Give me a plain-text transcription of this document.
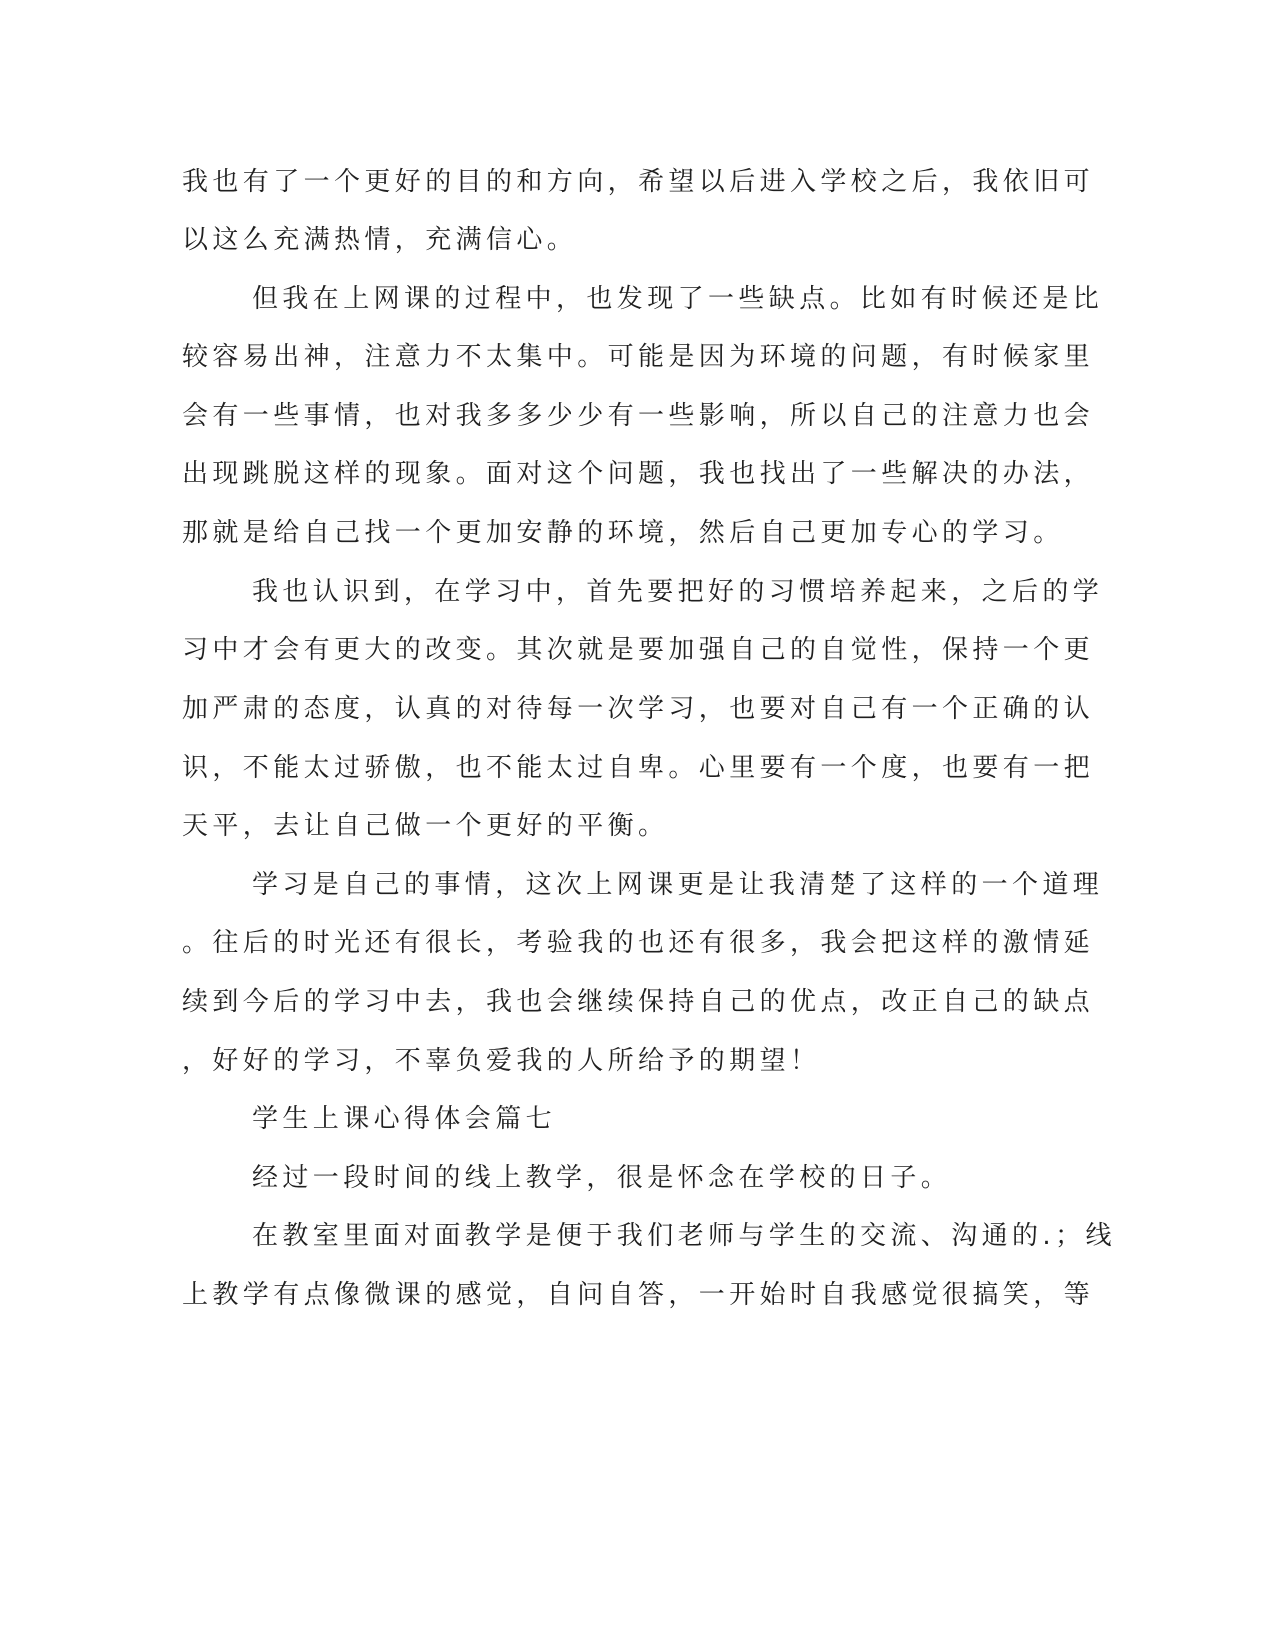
我也有了一个更好的目的和方向，希望以后进入学校之后，我依旧可
以这么充满热情，充满信心。
但我在上网课的过程中，也发现了一些缺点。比如有时候还是比
较容易出神，注意力不太集中。可能是因为环境的问题，有时候家里
会有一些事情，也对我多多少少有一些影响，所以自己的注意力也会
出现跳脱这样的现象。面对这个问题，我也找出了一些解决的办法，
那就是给自己找一个更加安静的环境，然后自己更加专心的学习。
我也认识到，在学习中，首先要把好的习惯培养起来，之后的学
习中才会有更大的改变。其次就是要加强自己的自觉性，保持一个更
加严肃的态度，认真的对待每一次学习，也要对自己有一个正确的认
识，不能太过骄傲，也不能太过自卑。心里要有一个度，也要有一把
天平，去让自己做一个更好的平衡。
学习是自己的事情，这次上网课更是让我清楚了这样的一个道理
。往后的时光还有很长，考验我的也还有很多，我会把这样的激情延
续到今后的学习中去，我也会继续保持自己的优点，改正自己的缺点
，好好的学习，不辜负爱我的人所给予的期望！
学生上课心得体会篇七
经过一段时间的线上教学，很是怀念在学校的日子。
在教室里面对面教学是便于我们老师与学生的交流、沟通的.；线
上教学有点像微课的感觉，自问自答，一开始时自我感觉很搞笑，等
